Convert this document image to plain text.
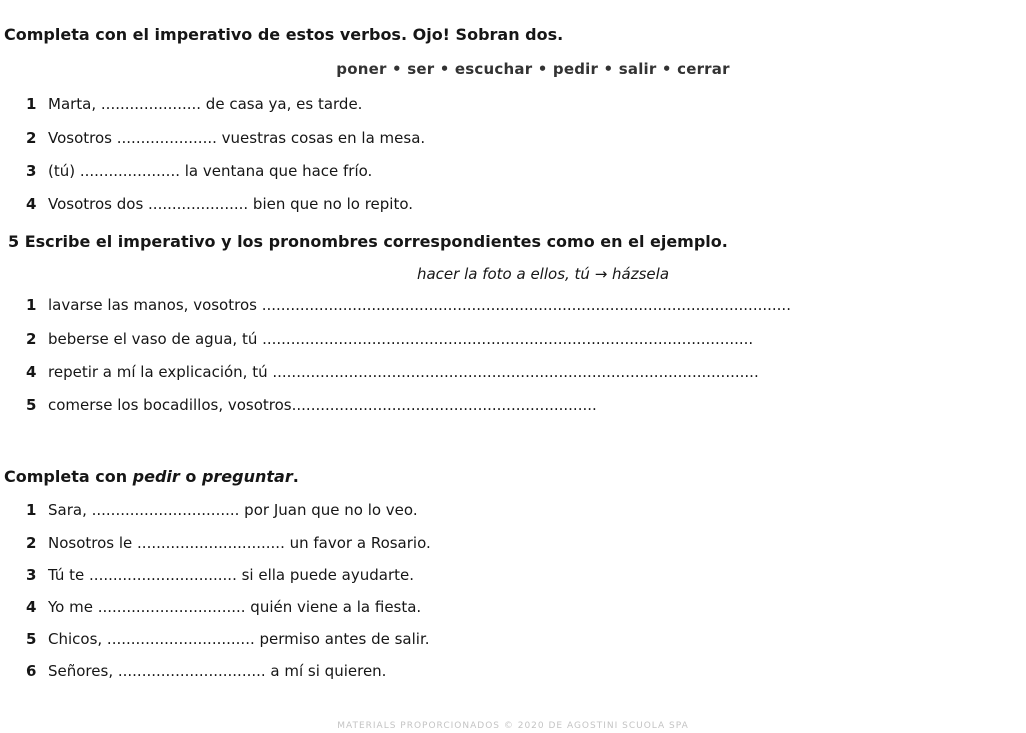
Completa con el imperativo de estos verbos. Ojo! Sobran dos.
poner • ser • escuchar • pedir • salir • cerrar
1 Marta, ..................... de casa ya, es tarde.
2 Vosotros ..................... vuestras cosas en la mesa.
3 (tú) ..................... la ventana que hace frío.
4 Vosotros dos ..................... bien que no lo repito.
5 Escribe el imperativo y los pronombres correspondientes como en el ejemplo.
hacer la foto a ellos, tú → házsela
1 lavarse las manos, vosotros ...............................................................................................................
2 beberse el vaso de agua, tú .......................................................................................................
4 repetir a mí la explicación, tú ......................................................................................................
5 comerse los bocadillos, vosotros................................................................
Completa con pedir o preguntar.
1 Sara, ............................... por Juan que no lo veo.
2 Nosotros le ............................... un favor a Rosario.
3 Tú te ............................... si ella puede ayudarte.
4 Yo me ............................... quién viene a la fiesta.
5 Chicos, ............................... permiso antes de salir.
6 Señores, ............................... a mí si quieren.
MATERIALS PROPORCIONADOS © 2020 DE AGOSTINI SCUOLA SPA
